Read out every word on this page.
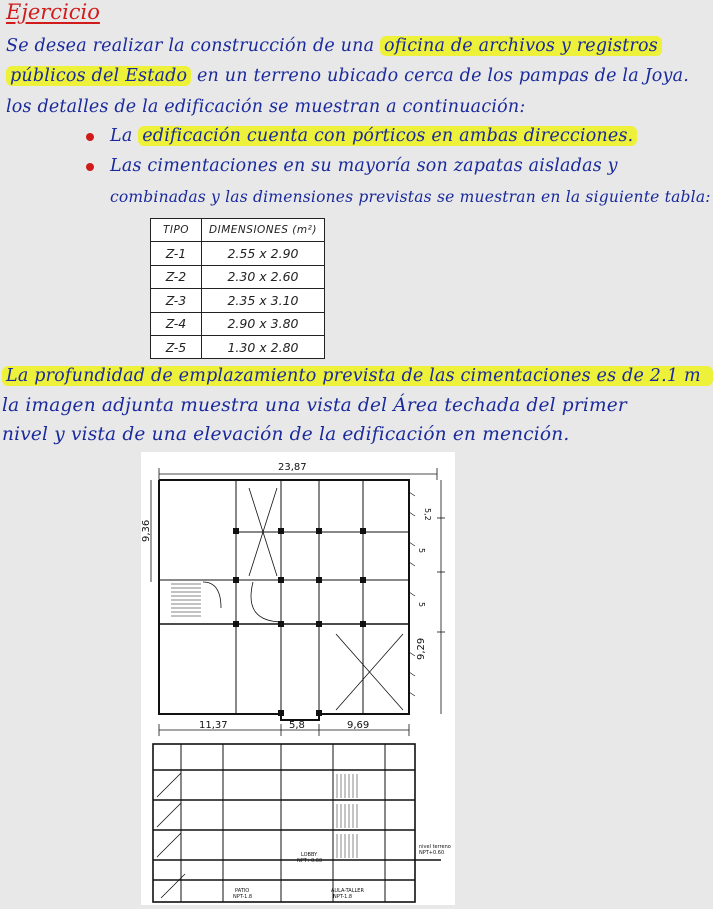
Ejercicio
Se desea realizar la construcción de una oficina de archivos y registros
públicos del Estado en un terreno ubicado cerca de los pampas de la Joya.
los detalles de la edificación se muestran a continuación:
La edificación cuenta con pórticos en ambas direcciones.
Las cimentaciones en su mayoría son zapatas aisladas y
combinadas y las dimensiones previstas se muestran en la siguiente tabla:
TIPO	DIMENSIONES (m²)
Z-1	2.55 x 2.90
Z-2	2.30 x 2.60
Z-3	2.35 x 3.10
Z-4	2.90 x 3.80
Z-5	1.30 x 2.80
La profundidad de emplazamiento prevista de las cimentaciones es de 2.1 m
la imagen adjunta muestra una vista del Área techada del primer
nivel y vista de una elevación de la edificación en mención.
23,87
9,36
5,2
5
5
9,29
11,37	5,8	9,69
LOBBY
NPT+0.60
NPT+0.60
nivel terreno
PATIO
NPT-1.8
AULA-TALLER
NPT-1.8
